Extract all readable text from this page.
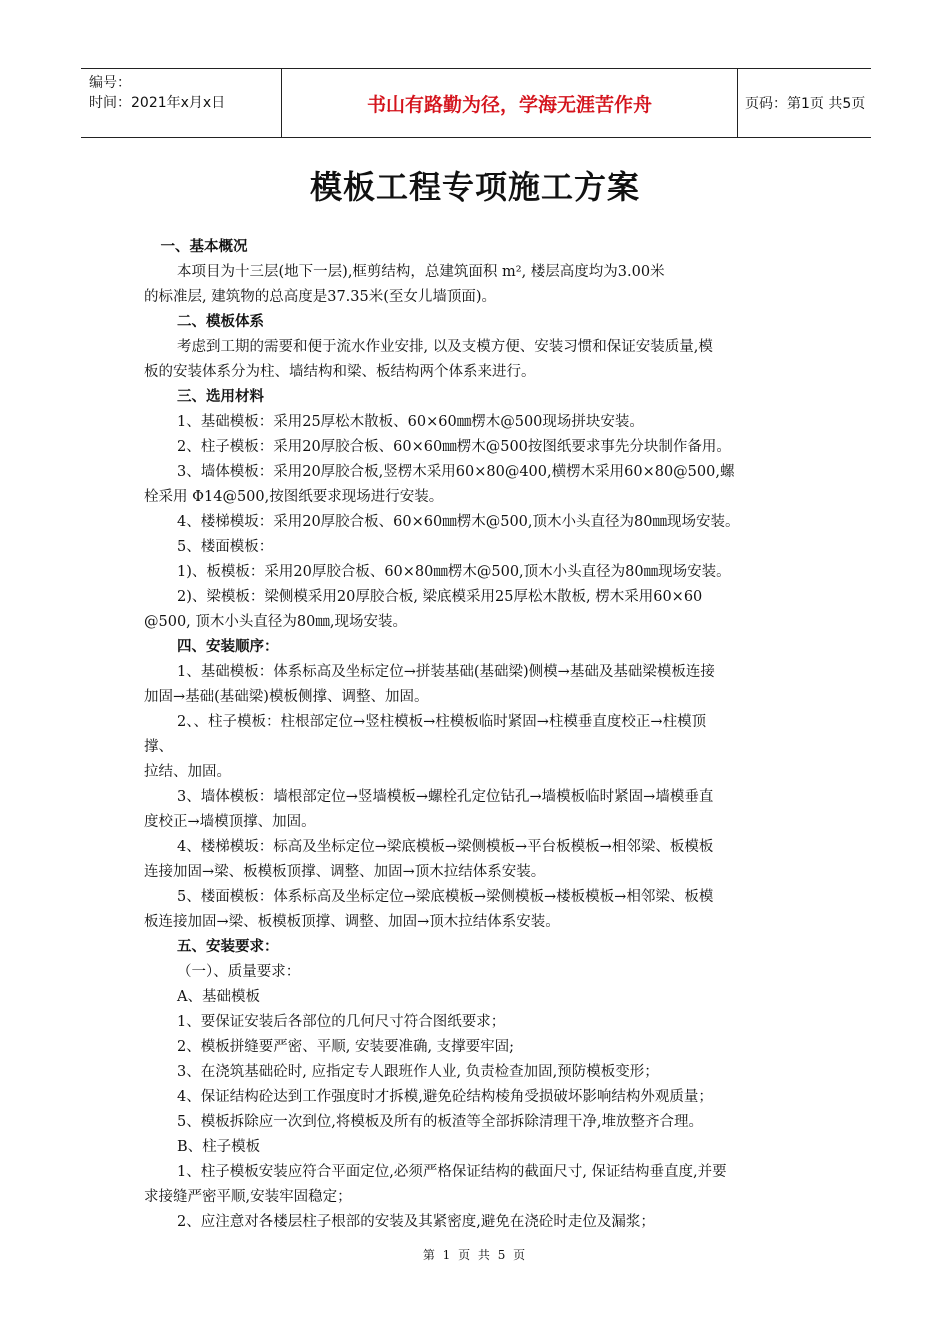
编号：
时间：2021年x月x日	书山有路勤为径，学海无涯苦作舟	页码：第1页 共5页
模板工程专项施工方案
一、基本概况
本项目为十三层(地下一层),框剪结构，总建筑面积 m², 楼层高度均为3.00米
的标准层, 建筑物的总高度是37.35米(至女儿墙顶面)。
二、模板体系
考虑到工期的需要和便于流水作业安排, 以及支模方便、安装习惯和保证安装质量,模
板的安装体系分为柱、墙结构和梁、板结构两个体系来进行。
三、选用材料
1、基础模板：采用25厚松木散板、60×60㎜楞木@500现场拼块安装。
2、柱子模板：采用20厚胶合板、60×60㎜楞木@500按图纸要求事先分块制作备用。
3、墙体模板：采用20厚胶合板,竖楞木采用60×80@400,横楞木采用60×80@500,螺
栓采用 Φ14@500,按图纸要求现场进行安装。
4、楼梯模坂：采用20厚胶合板、60×60㎜楞木@500,顶木小头直径为80㎜现场安装。
5、楼面模板：
1)、板模板：采用20厚胶合板、60×80㎜楞木@500,顶木小头直径为80㎜现场安装。
2)、梁模板：梁侧模采用20厚胶合板, 梁底模采用25厚松木散板, 楞木采用60×60
@500, 顶木小头直径为80㎜,现场安装。
四、安装顺序：
1、基础模板：体系标高及坐标定位→拼装基础(基础梁)侧模→基础及基础梁模板连接
加固→基础(基础梁)模板侧撑、调整、加固。
2、、柱子模板：柱根部定位→竖柱模板→柱模板临时紧固→柱模垂直度校正→柱模顶
撑、
拉结、加固。
3、墙体模板：墙根部定位→竖墙模板→螺栓孔定位钻孔→墙模板临时紧固→墙模垂直
度校正→墙模顶撑、加固。
4、楼梯模坂：标高及坐标定位→梁底模板→梁侧模板→平台板模板→相邻梁、板模板
连接加固→梁、板模板顶撑、调整、加固→顶木拉结体系安装。
5、楼面模板：体系标高及坐标定位→梁底模板→梁侧模板→楼板模板→相邻梁、板模
板连接加固→梁、板模板顶撑、调整、加固→顶木拉结体系安装。
五、安装要求：
（一）、质量要求：
A、基础模板
1、要保证安装后各部位的几何尺寸符合图纸要求；
2、模板拼缝要严密、平顺, 安装要准确, 支撑要牢固;
3、在浇筑基础砼时, 应指定专人跟班作人业, 负责检查加固,预防模板变形；
4、保证结构砼达到工作强度时才拆模,避免砼结构棱角受损破坏影响结构外观质量；
5、模板拆除应一次到位,将模板及所有的板渣等全部拆除清理干净,堆放整齐合理。
B、柱子模板
1、柱子模板安装应符合平面定位,必须严格保证结构的截面尺寸, 保证结构垂直度,并要
求接缝严密平顺,安装牢固稳定；
2、应注意对各楼层柱子根部的安装及其紧密度,避免在浇砼时走位及漏浆；
第 1 页 共 5 页
